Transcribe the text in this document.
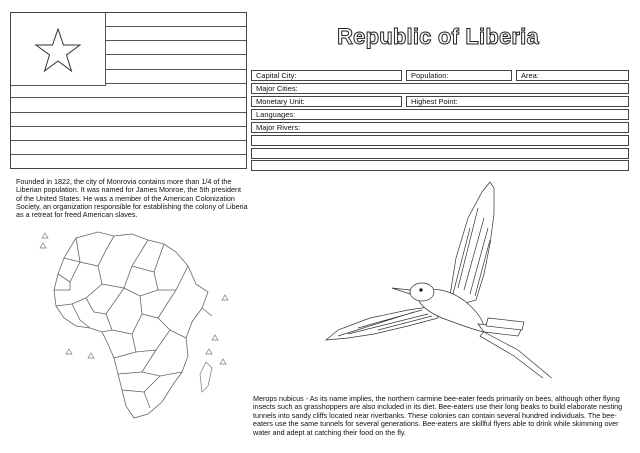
Republic of Liberia
Capital City:	Population:	Area:
Major Cities:
Monetary Unit:	Highest Point:
Languages:
Major Rivers:
Founded in 1822, the city of Monrovia contains more than 1/4 of the Liberian population. It was named for James Monroe, the 5th president of the United States. He was a member of the American Colonization Society, an organization responsible for establishing the colony of Liberia as a retreat for freed American slaves.
Merops nubicus - As its name implies, the northern carmine bee-eater feeds primarily on bees, although other flying insects such as grasshoppers are also included in its diet. Bee-eaters use their long beaks to build elaborate nesting tunnels into sandy cliffs located near riverbanks. These colonies can contain several hundred individuals. The bee-eaters use the same tunnels for several generations. Bee-eaters are skillful flyers able to drink while skimming over water and adept at catching their food on the fly.
